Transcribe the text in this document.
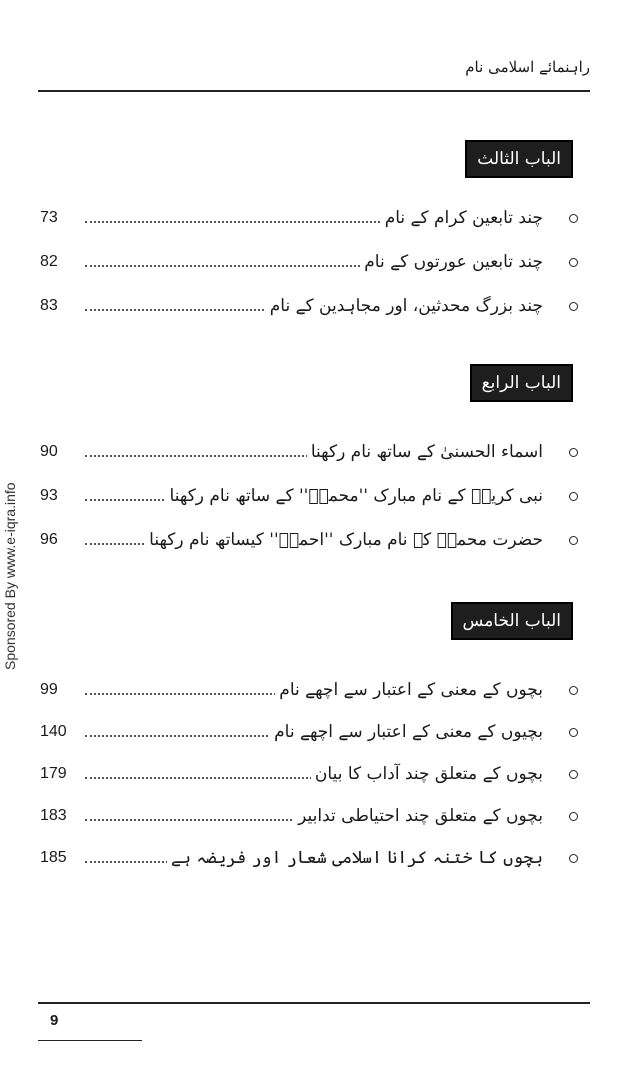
راہنمائے اسلامی نام
Sponsored By www.e-iqra.info
الباب الثالث
چند تابعین کرام کے نام
73
چند تابعین عورتوں کے نام
82
چند بزرگ محدثین، اور مجاہدین کے نام
83
الباب الرابع
اسماء الحسنیٰ کے ساتھ نام رکھنا
90
نبی کریمؐ کے نام مبارک ''محمدؐ'' کے ساتھ نام رکھنا
93
حضرت محمدؐ کے نام مبارک ''احمدؐ'' کیساتھ نام رکھنا
96
الباب الخامس
بچوں کے معنی کے اعتبار سے اچھے نام
99
بچیوں کے معنی کے اعتبار سے اچھے نام
140
بچوں کے متعلق چند آداب کا بیان
179
بچوں کے متعلق چند احتیاطی تدابیر
183
بچوں کا ختنہ کرانا اسلامی شعار اور فریضہ ہے
185
9
